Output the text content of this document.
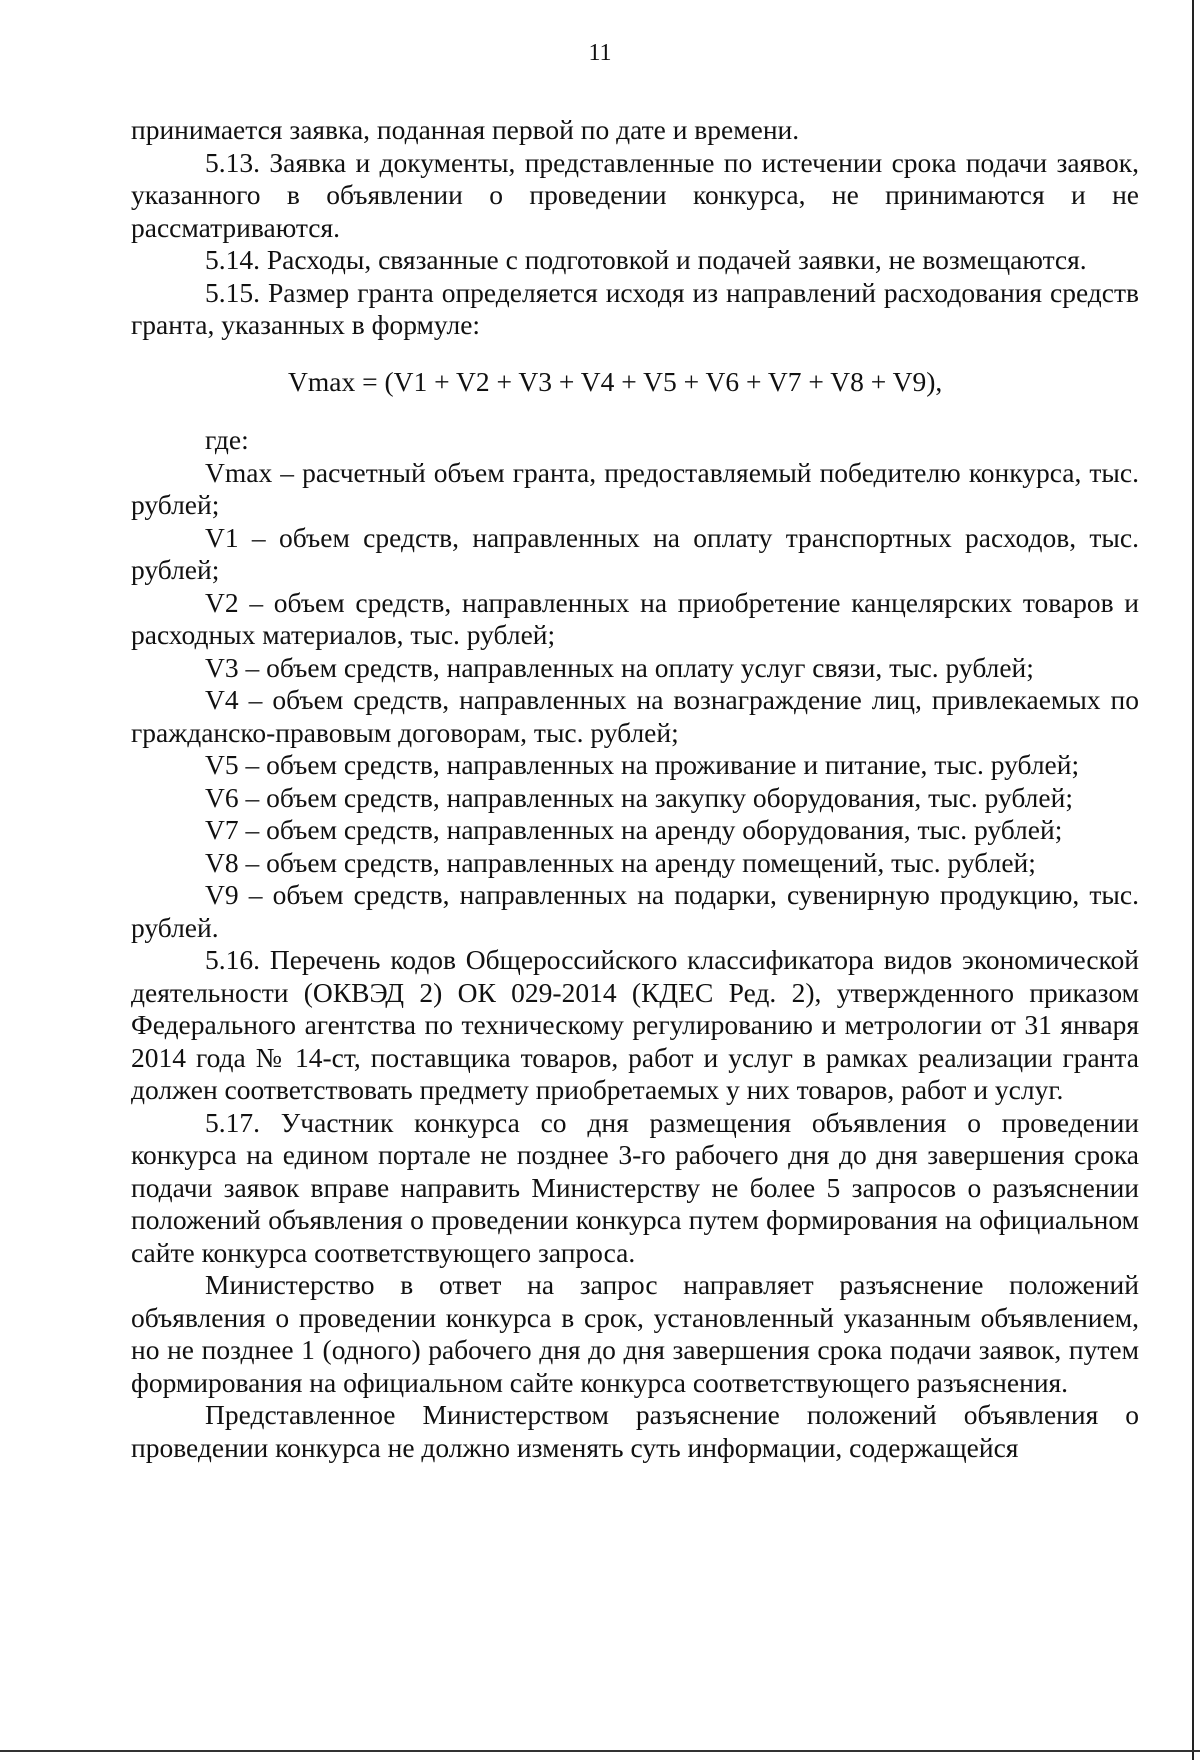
11

принимается заявка, поданная первой по дате и времени.

5.13. Заявка и документы, представленные по истечении срока подачи заявок, указанного в объявлении о проведении конкурса, не принимаются и не рассматриваются.

5.14. Расходы, связанные с подготовкой и подачей заявки, не возмещаются.

5.15. Размер гранта определяется исходя из направлений расходования средств гранта, указанных в формуле:

Vmax = (V1 + V2 + V3 + V4 + V5 + V6 + V7 + V8 + V9),

где:

Vmax – расчетный объем гранта, предоставляемый победителю конкурса, тыс. рублей;

V1 – объем средств, направленных на оплату транспортных расходов, тыс. рублей;

V2 – объем средств, направленных на приобретение канцелярских товаров и расходных материалов, тыс. рублей;

V3 – объем средств, направленных на оплату услуг связи, тыс. рублей;

V4 – объем средств, направленных на вознаграждение лиц, привлекаемых по гражданско-правовым договорам, тыс. рублей;

V5 – объем средств, направленных на проживание и питание, тыс. рублей;

V6 – объем средств, направленных на закупку оборудования, тыс. рублей;

V7 – объем средств, направленных на аренду оборудования, тыс. рублей;

V8 – объем средств, направленных на аренду помещений, тыс. рублей;

V9 – объем средств, направленных на подарки, сувенирную продукцию, тыс. рублей.

5.16. Перечень кодов Общероссийского классификатора видов экономической деятельности (ОКВЭД 2) ОК 029-2014 (КДЕС Ред. 2), утвержденного приказом Федерального агентства по техническому регулированию и метрологии от 31 января 2014 года № 14-ст, поставщика товаров, работ и услуг в рамках реализации гранта должен соответствовать предмету приобретаемых у них товаров, работ и услуг.

5.17. Участник конкурса со дня размещения объявления о проведении конкурса на едином портале не позднее 3-го рабочего дня до дня завершения срока подачи заявок вправе направить Министерству не более 5 запросов о разъяснении положений объявления о проведении конкурса путем формирования на официальном сайте конкурса соответствующего запроса.

Министерство в ответ на запрос направляет разъяснение положений объявления о проведении конкурса в срок, установленный указанным объявлением, но не позднее 1 (одного) рабочего дня до дня завершения срока подачи заявок, путем формирования на официальном сайте конкурса соответствующего разъяснения.

Представленное Министерством разъяснение положений объявления о проведении конкурса не должно изменять суть информации, содержащейся
